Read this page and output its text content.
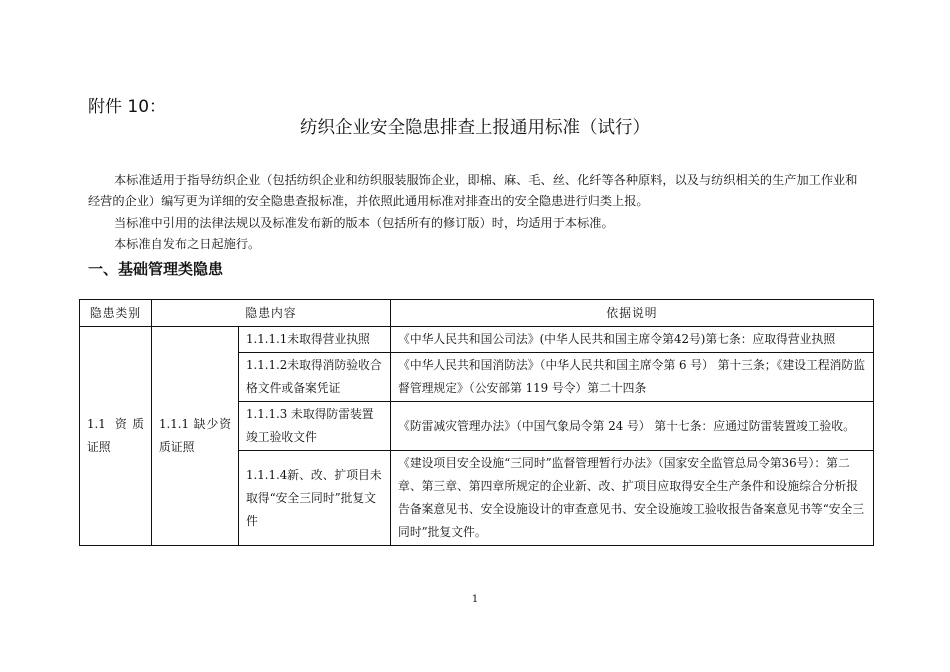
附件 10：
纺织企业安全隐患排查上报通用标准（试行）
本标准适用于指导纺织企业（包括纺织企业和纺织服装服饰企业，即棉、麻、毛、丝、化纤等各种原料，以及与纺织相关的生产加工作业和经营的企业）编写更为详细的安全隐患查报标准，并依照此通用标准对排查出的安全隐患进行归类上报。
当标准中引用的法律法规以及标准发布新的版本（包括所有的修订版）时，均适用于本标准。
本标准自发布之日起施行。
一、基础管理类隐患
隐患类别	隐患内容		依据说明
1.1 资质证照	1.1.1 缺少资质证照	1.1.1.1未取得营业执照	《中华人民共和国公司法》(中华人民共和国主席令第42号)第七条：应取得营业执照
		1.1.1.2未取得消防验收合格文件或备案凭证	《中华人民共和国消防法》（中华人民共和国主席令第 6 号） 第十三条；《建设工程消防监督管理规定》（公安部第 119 号令）第二十四条
		1.1.1.3 未取得防雷装置竣工验收文件	《防雷减灾管理办法》（中国气象局令第 24 号） 第十七条：应通过防雷装置竣工验收。
		1.1.1.4新、改、扩项目未取得“安全三同时”批复文件	《建设项目安全设施“三同时”监督管理暂行办法》（国家安全监管总局令第36号）：第二章、第三章、第四章所规定的企业新、改、扩项目应取得安全生产条件和设施综合分析报告备案意见书、安全设施设计的审查意见书、安全设施竣工验收报告备案意见书等“安全三同时”批复文件。
1
